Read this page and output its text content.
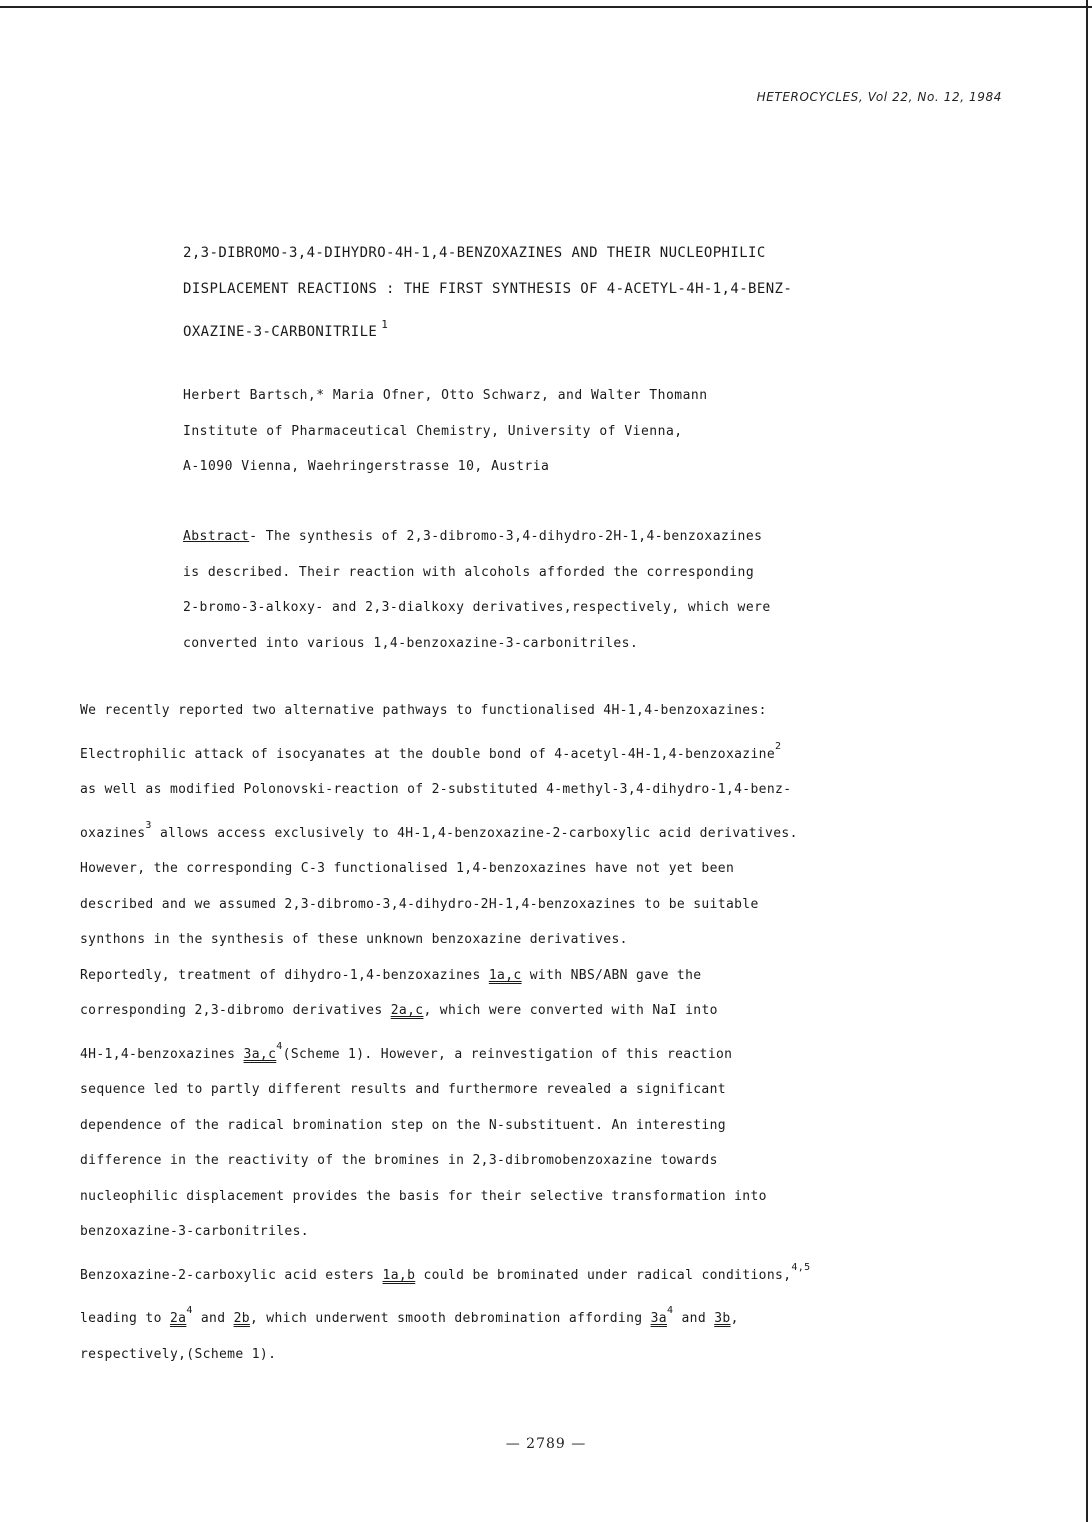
HETEROCYCLES, Vol 22, No. 12, 1984
2,3-DIBROMO-3,4-DIHYDRO-4H-1,4-BENZOXAZINES AND THEIR NUCLEOPHILIC
DISPLACEMENT REACTIONS : THE FIRST SYNTHESIS OF 4-ACETYL-4H-1,4-BENZ-
OXAZINE-3-CARBONITRILE $^1$
Herbert Bartsch,* Maria Ofner, Otto Schwarz, and Walter Thomann
Institute of Pharmaceutical Chemistry, University of Vienna,
A-1090 Vienna, Waehringerstrasse 10, Austria
Abstract- The synthesis of 2,3-dibromo-3,4-dihydro-2H-1,4-benzoxazines
is described. Their reaction with alcohols afforded the corresponding
2-bromo-3-alkoxy- and 2,3-dialkoxy derivatives,respectively, which were
converted into various 1,4-benzoxazine-3-carbonitriles.
We recently reported two alternative pathways to functionalised 4H-1,4-benzoxazines:
Electrophilic attack of isocyanates at the double bond of 4-acetyl-4H-1,4-benzoxazine$^2$
as well as modified Polonovski-reaction of 2-substituted 4-methyl-3,4-dihydro-1,4-benz-
oxazines$^3$ allows access exclusively to 4H-1,4-benzoxazine-2-carboxylic acid derivatives.
However, the corresponding C-3 functionalised 1,4-benzoxazines have not yet been
described and we assumed 2,3-dibromo-3,4-dihydro-2H-1,4-benzoxazines to be suitable
synthons in the synthesis of these unknown benzoxazine derivatives.
Reportedly, treatment of dihydro-1,4-benzoxazines 1a,c with NBS/ABN gave the
corresponding 2,3-dibromo derivatives 2a,c, which were converted with NaI into
4H-1,4-benzoxazines $3a,c^4(Scheme$ 1). However, a reinvestigation of this reaction
sequence led to partly different results and furthermore revealed a significant
dependence of the radical bromination step on the N-substituent. An interesting
difference in the reactivity of the bromines in 2,3-dibromobenzoxazine towards
nucleophilic displacement provides the basis for their selective transformation into
benzoxazine-3-carbonitriles.
Benzoxazine-2-carboxylic acid esters 1a,b could be brominated under radical conditions,$^{4,5}$
leading to $2a^4$ and 2b, which underwent smooth debromination affording $3a^4$ and 3b,
respectively,(Scheme 1).
— 2789 —
